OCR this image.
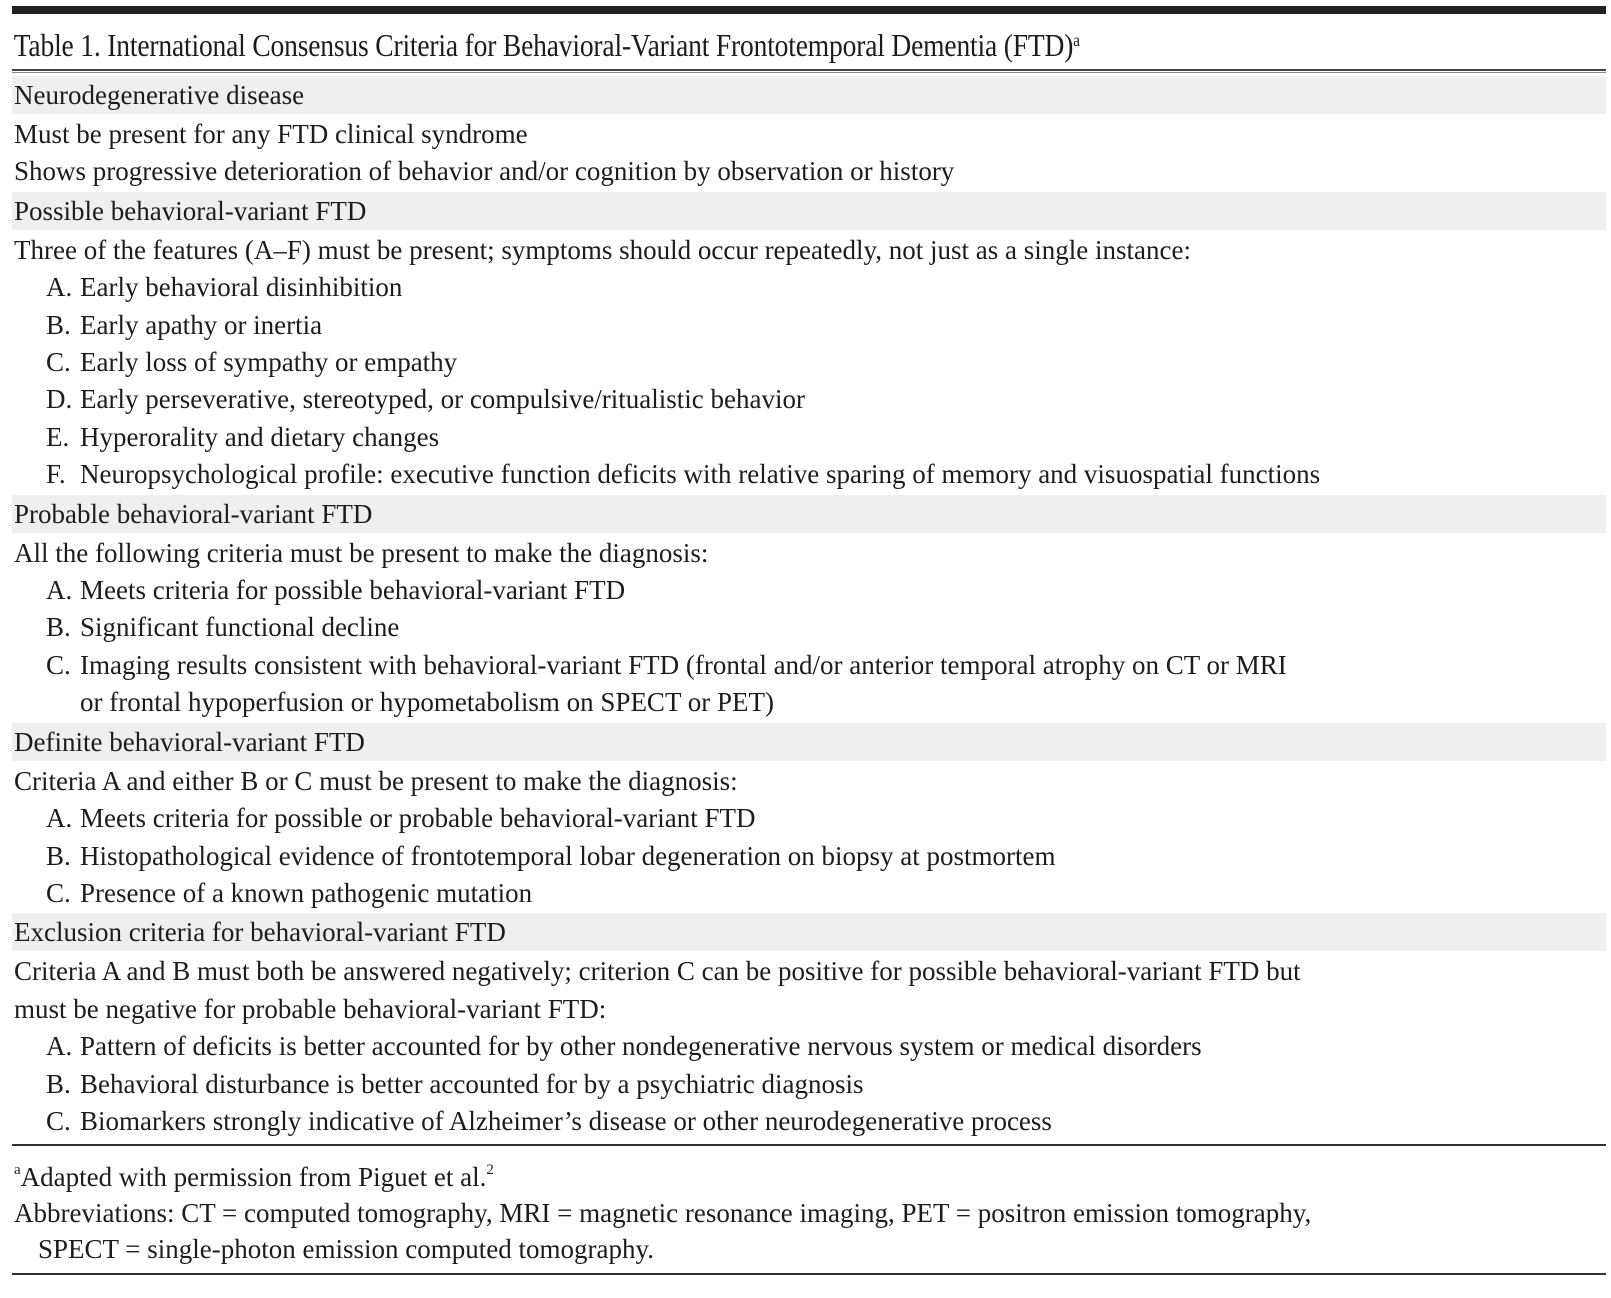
Table 1. International Consensus Criteria for Behavioral-Variant Frontotemporal Dementia (FTD)$^a$
Neurodegenerative disease
Must be present for any FTD clinical syndrome
Shows progressive deterioration of behavior and/or cognition by observation or history
Possible behavioral-variant FTD
Three of the features (A–F) must be present; symptoms should occur repeatedly, not just as a single instance:
A. Early behavioral disinhibition
B. Early apathy or inertia
C. Early loss of sympathy or empathy
D. Early perseverative, stereotyped, or compulsive/ritualistic behavior
E. Hyperorality and dietary changes
F. Neuropsychological profile: executive function deficits with relative sparing of memory and visuospatial functions
Probable behavioral-variant FTD
All the following criteria must be present to make the diagnosis:
A. Meets criteria for possible behavioral-variant FTD
B. Significant functional decline
C. Imaging results consistent with behavioral-variant FTD (frontal and/or anterior temporal atrophy on CT or MRI
or frontal hypoperfusion or hypometabolism on SPECT or PET)
Definite behavioral-variant FTD
Criteria A and either B or C must be present to make the diagnosis:
A. Meets criteria for possible or probable behavioral-variant FTD
B. Histopathological evidence of frontotemporal lobar degeneration on biopsy at postmortem
C. Presence of a known pathogenic mutation
Exclusion criteria for behavioral-variant FTD
Criteria A and B must both be answered negatively; criterion C can be positive for possible behavioral-variant FTD but
must be negative for probable behavioral-variant FTD:
A. Pattern of deficits is better accounted for by other nondegenerative nervous system or medical disorders
B. Behavioral disturbance is better accounted for by a psychiatric diagnosis
C. Biomarkers strongly indicative of Alzheimer’s disease or other neurodegenerative process
$^a$Adapted with permission from Piguet et al.$^2$
Abbreviations: CT = computed tomography, MRI = magnetic resonance imaging, PET = positron emission tomography,
SPECT = single-photon emission computed tomography.
